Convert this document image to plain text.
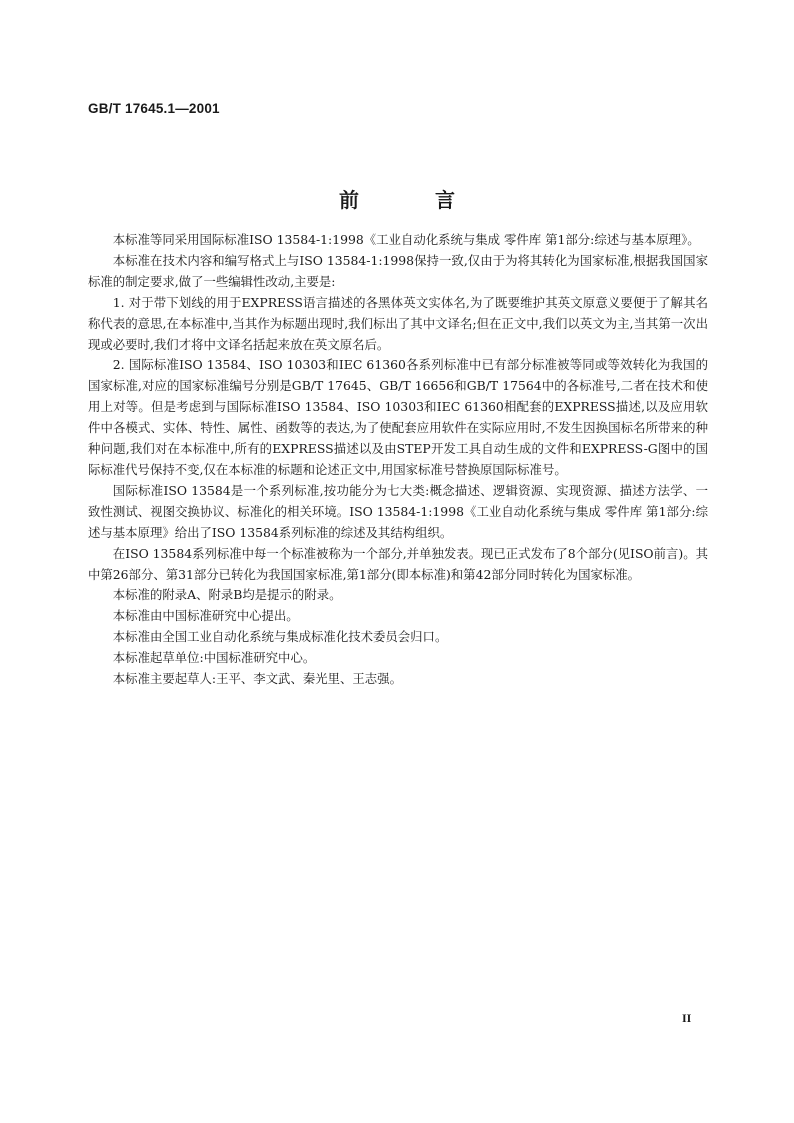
GB/T 17645.1—2001
前	言

本标准等同采用国际标准ISO 13584-1:1998《工业自动化系统与集成 零件库 第1部分:综述与基本原理》。

本标准在技术内容和编写格式上与ISO 13584-1:1998保持一致,仅由于为将其转化为国家标准,根据我国国家标准的制定要求,做了一些编辑性改动,主要是:

1. 对于带下划线的用于EXPRESS语言描述的各黑体英文实体名,为了既要维护其英文原意义要便于了解其名称代表的意思,在本标准中,当其作为标题出现时,我们标出了其中文译名;但在正文中,我们以英文为主,当其第一次出现或必要时,我们才将中文译名括起来放在英文原名后。

2. 国际标准ISO 13584、ISO 10303和IEC 61360各系列标准中已有部分标准被等同或等效转化为我国的国家标准,对应的国家标准编号分别是GB/T 17645、GB/T 16656和GB/T 17564中的各标准号,二者在技术和使用上对等。但是考虑到与国际标准ISO 13584、ISO 10303和IEC 61360相配套的EXPRESS描述,以及应用软件中各模式、实体、特性、属性、函数等的表达,为了使配套应用软件在实际应用时,不发生因换国标名所带来的种种问题,我们对在本标准中,所有的EXPRESS描述以及由STEP开发工具自动生成的文件和EXPRESS-G图中的国际标准代号保持不变,仅在本标准的标题和论述正文中,用国家标准号替换原国际标准号。

国际标准ISO 13584是一个系列标准,按功能分为七大类:概念描述、逻辑资源、实现资源、描述方法学、一致性测试、视图交换协议、标准化的相关环境。ISO 13584-1:1998《工业自动化系统与集成 零件库 第1部分:综述与基本原理》给出了ISO 13584系列标准的综述及其结构组织。

在ISO 13584系列标准中每一个标准被称为一个部分,并单独发表。现已正式发布了8个部分(见ISO前言)。其中第26部分、第31部分已转化为我国国家标准,第1部分(即本标准)和第42部分同时转化为国家标准。

本标准的附录A、附录B均是提示的附录。

本标准由中国标准研究中心提出。

本标准由全国工业自动化系统与集成标准化技术委员会归口。

本标准起草单位:中国标准研究中心。

本标准主要起草人:王平、李文武、秦光里、王志强。

II
